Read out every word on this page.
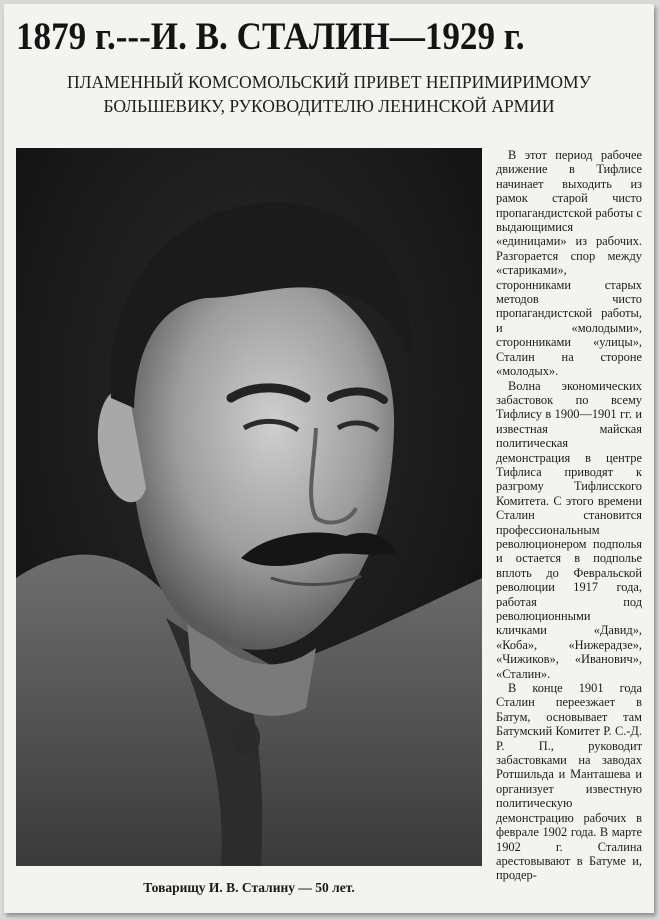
1879 г.---И. В. СТАЛИН—1929 г.
ПЛАМЕННЫЙ КОМСОМОЛЬСКИЙ ПРИВЕТ НЕПРИМИРИМОМУ
БОЛЬШЕВИКУ, РУКОВОДИТЕЛЮ ЛЕНИНСКОЙ АРМИИ
Товарищу И. В. Сталину — 50 лет.

В этот период рабочее движение в Тифлисе начинает выходить из рамок старой чисто пропагандистской работы с выдающимися «единицами» из рабочих. Разгорается спор между «стариками», сторонниками старых методов чисто пропагандистской работы, и «молодыми», сторонниками «улицы», Сталин на стороне «молодых».

Волна экономических забастовок по всему Тифлису в 1900—1901 гг. и известная майская политическая демонстрация в центре Тифлиса приводят к разгрому Тифлисского Комитета. С этого времени Сталин становится профессиональным революционером подполья и остается в подполье вплоть до Февральской революции 1917 года, работая под революционными кличками «Давид», «Коба», «Нижерадзе», «Чижиков», «Иванович», «Сталин».

В конце 1901 года Сталин переезжает в Батум, основывает там Батумский Комитет Р. С.-Д. Р. П., руководит забастовками на заводах Ротшильда и Манташева и организует известную политическую демонстрацию рабочих в феврале 1902 года. В марте 1902 г. Сталина арестовывают в Батуме и, продер-
